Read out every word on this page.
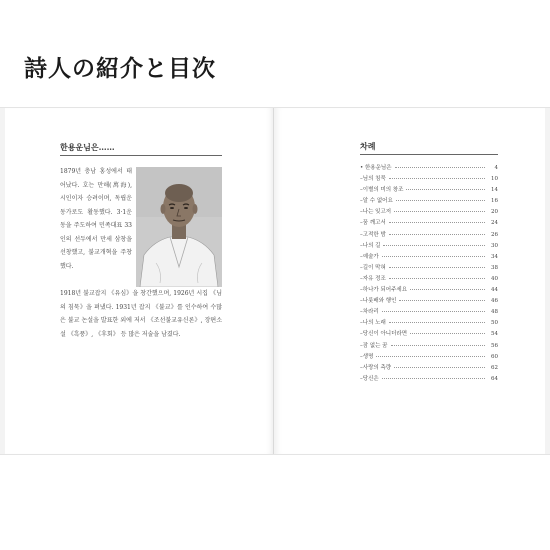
詩人の紹介と目次
한용운님은……

1879년 충남 홍성에서 태어났다. 호는 만해(萬海), 시인이자 승려이며, 독립운동가로도 활동했다. 3·1운동을 주도하여 민족대표 33인의 선두에서 만세 삼창을 선창했고, 불교개혁을 주창했다.

1918년 불교잡지 《유심》을 창간했으며, 1926년 시집 《님의 침묵》을 펴냈다. 1931년 잡지 《불교》를 인수하여 수많은 불교 논설을 발표한 외에 저서 《조선불교유신론》, 장편소설 《흑풍》, 《후회》 등 많은 저술을 남겼다.

차례
• 한용운님은	4
–님의 침묵	10
–이별의 미의 창조	14
–알 수 없어요	16
–나는 잊고저	20
–꿈 깨고서	24
–고적한 밤	26
–나의 길	30
–예술가	34
–길이 막혀	38
–자유 정조	40
–하나가 되어주세요	44
–나룻배와 행인	46
–차라리	48
–나의 노래	50
–당신이 아니더라면	54
–잠 없는 꿈	56
–생명	60
–사랑의 측량	62
–당신은	64
